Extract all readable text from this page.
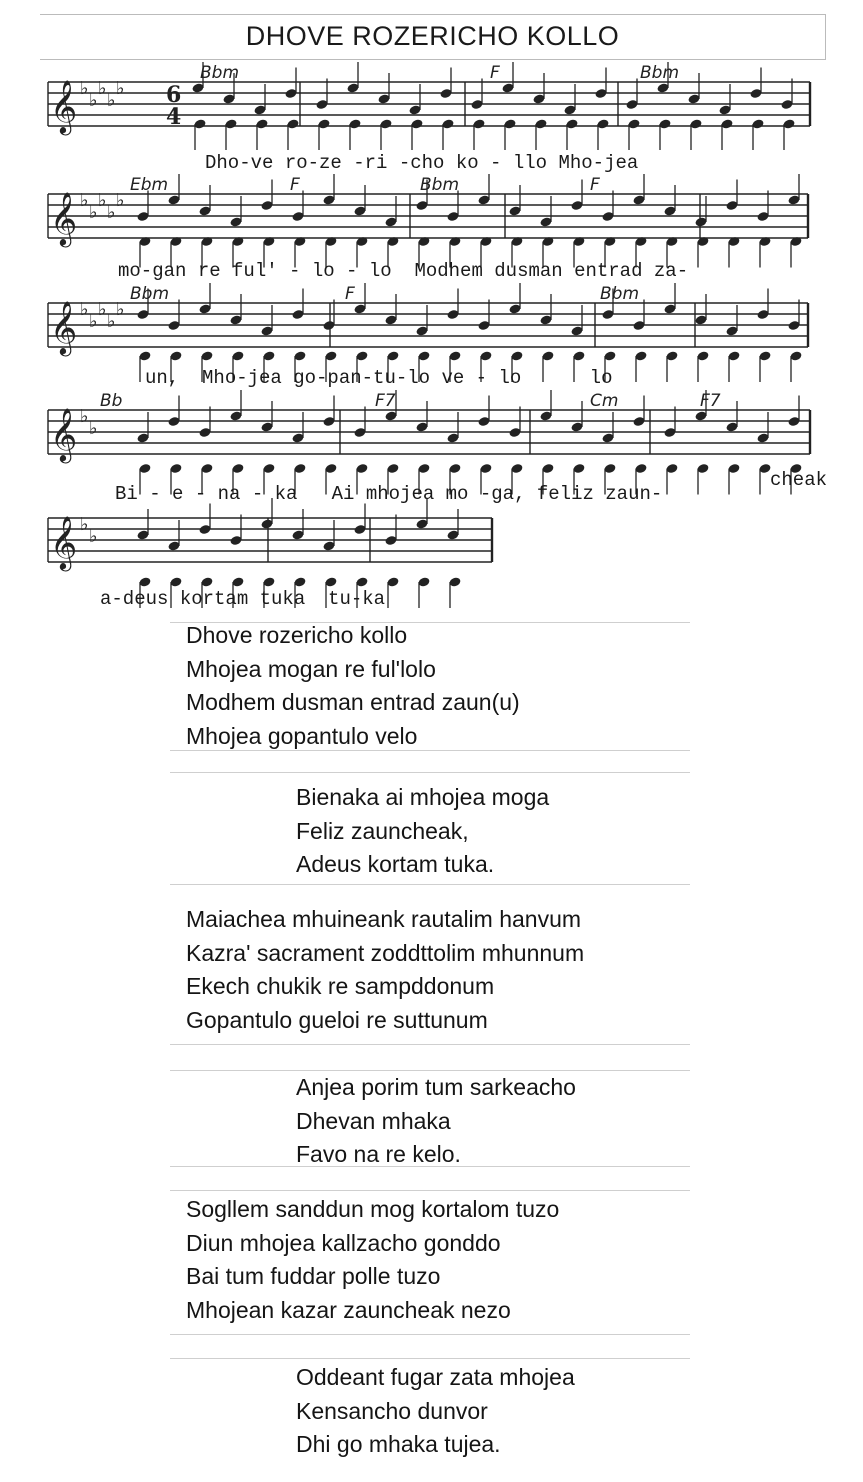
DHOVE ROZERICHO KOLLO
𝄞 ♭
♭
♭
♭
♭ 6
4
Bbm	F	Bbm
𝄞 ♭
♭
♭
♭
♭
Ebm	F	Bbm	F
𝄞 ♭
♭
♭
♭
♭
Bbm	F	Bbm
𝄞 ♭
♭
Bb	F7	Cm	F7
𝄞 ♭
♭
Dho-ve ro-ze -ri -cho ko - llo Mho-jea
mo-gan re ful' - lo - lo  Modhem dusman entrad za-
un,  Mho-jea go-pan-tu-lo ve - lo      lo
Bi - e - na - ka   Ai mhojea mo -ga, feliz zaun-
cheak
a-deus kortam tuka  tu-ka
Dhove rozericho kollo
Mhojea mogan re ful'lolo
Modhem dusman entrad zaun(u)
Mhojea gopantulo velo
Bienaka ai mhojea moga
Feliz zauncheak,
Adeus kortam tuka.
Maiachea mhuineank rautalim hanvum
Kazra' sacrament zoddttolim mhunnum
Ekech chukik re sampddonum
Gopantulo gueloi re suttunum
Anjea porim tum sarkeacho
Dhevan mhaka
Favo na re kelo.
Sogllem sanddun mog kortalom tuzo
Diun mhojea kallzacho gonddo
Bai tum fuddar polle tuzo
Mhojean kazar zauncheak nezo
Oddeant fugar zata mhojea
Kensancho dunvor
Dhi go mhaka tujea.
